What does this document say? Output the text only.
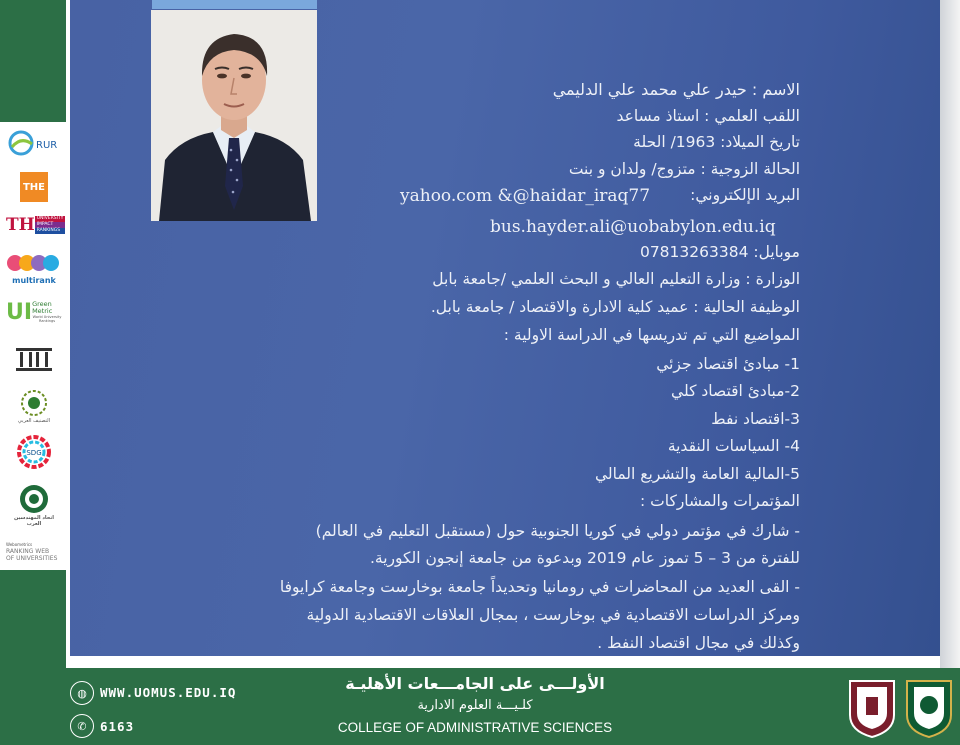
الاسم : حيدر علي محمد علي الدليمي
اللقب العلمي : استاذ مساعد
تاريخ الميلاد: 1963/ الحلة
الحالة الزوجية : متزوج/ ولدان و بنت
البريد الإلكتروني:
yahoo.com &@haidar_iraq77
bus.hayder.ali@uobabylon.edu.iq
موبايل: 07813263384
الوزارة : وزارة التعليم العالي و البحث العلمي /جامعة بابل
الوظيفة الحالية : عميد كلية الادارة والاقتصاد / جامعة بابل.
المواضيع التي تم تدريسها في الدراسة الاولية :
1- مبادئ اقتصاد جزئي
2-مبادئ اقتصاد كلي
3-اقتصاد نفط
4- السياسات النقدية
5-المالية العامة والتشريع المالي
المؤتمرات والمشاركات :
- شارك في مؤتمر دولي في كوريا الجنوبية حول (مستقبل التعليم في العالم)
للفترة من 3 – 5 تموز عام 2019 وبدعوة من جامعة إنجون الكورية.
- القى العديد من المحاضرات في رومانيا وتحديداً جامعة بوخارست وجامعة كرايوفا
ومركز الدراسات الاقتصادية في بوخارست ، بمجال العلاقات الاقتصادية الدولية
وكذلك في مجال اقتصاد النفط .
RUR
THE
TH UNIVERSITY
IMPACT
RANKINGS
multirank
UI Green
Metric
World University Rankings
التصنيف العربي
SDG
اتحاد المهندسين العرب
Webometrics
RANKING WEB
OF UNIVERSITIES
◍	WWW.UOMUS.EDU.IQ
✆	6163
الأولـــى على الجامـــعات الأهليـة
كلـيـــة العلوم الادارية
COLLEGE OF ADMINISTRATIVE SCIENCES
